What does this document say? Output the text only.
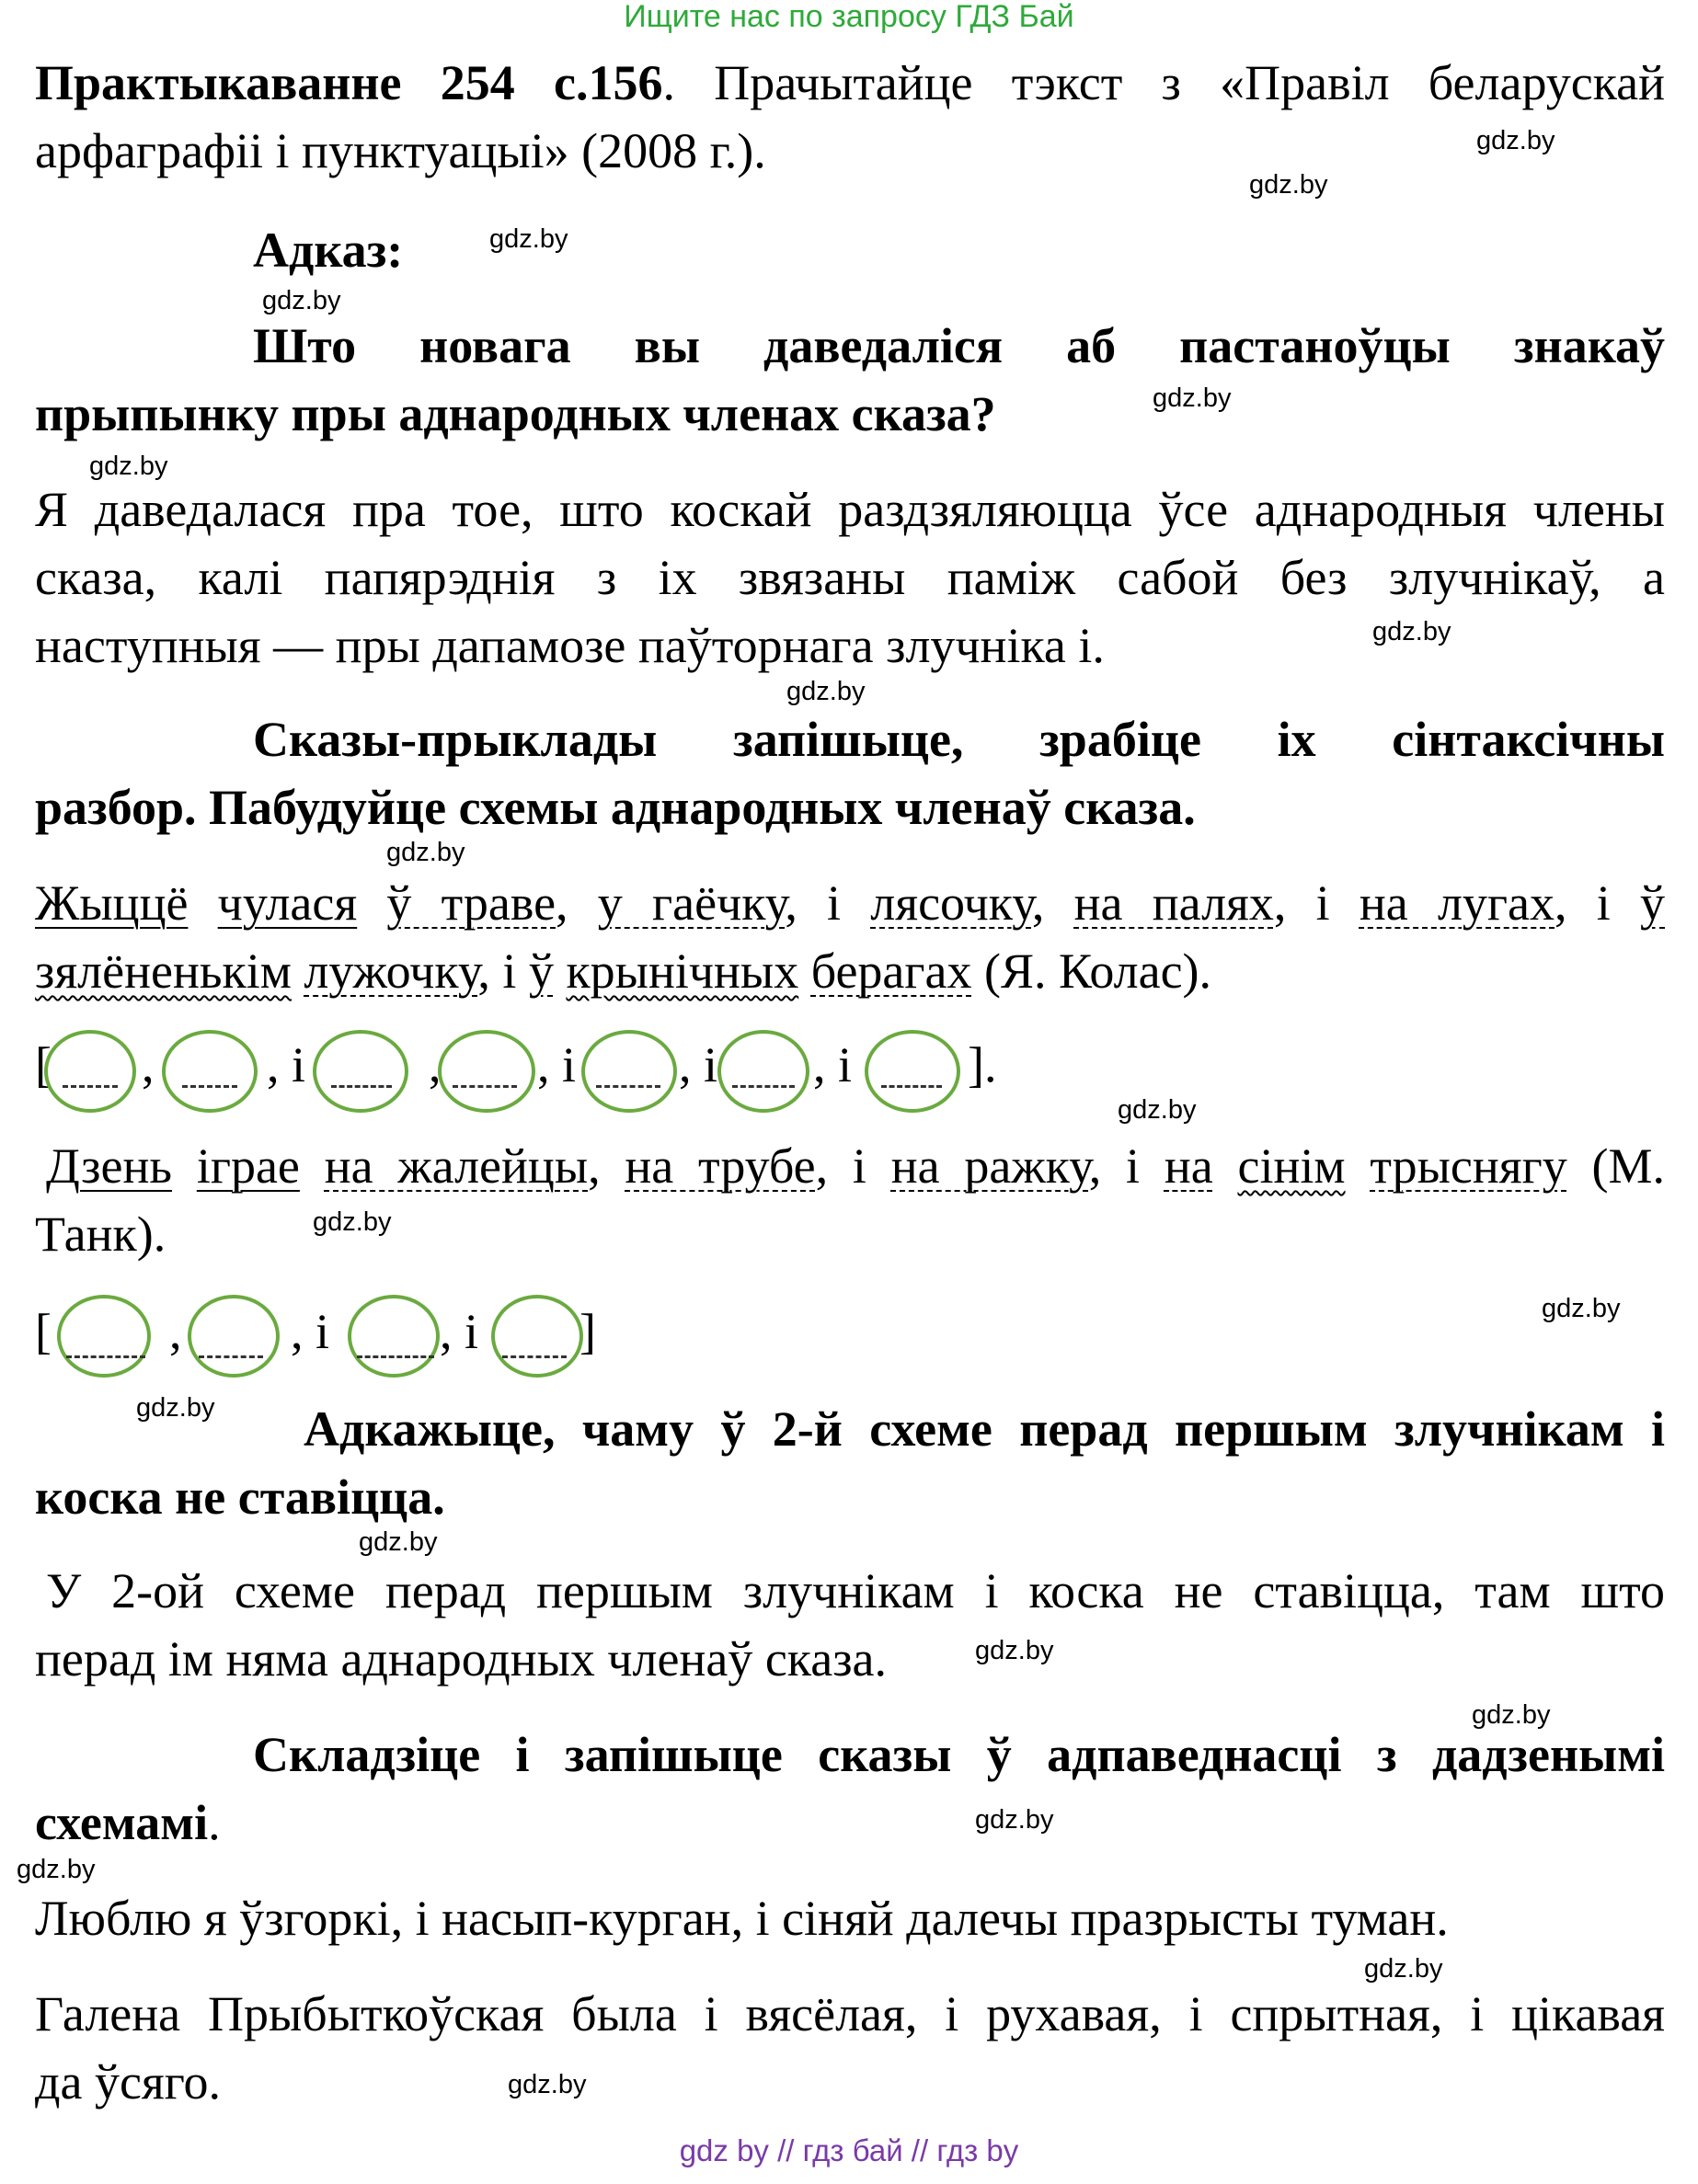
Ищите нас по запросу ГДЗ Бай
Практыкаванне 254 с.156. Прачытайце тэкст з «Правіл беларускай
арфаграфіі і пунктуацыі» (2008 г.).	gdz.by
gdz.by
gdz.by
gdz.by
gdz.by
gdz.by
gdz.by
gdz.by
gdz.by
gdz.by
gdz.by
gdz.by
gdz.by
gdz.by
gdz.by
gdz.by
gdz.by
gdz.by
gdz.by
gdz.by
Адказ:
Што новага вы даведаліся аб пастаноўцы знакаў
прыпынку пры аднародных членах сказа?
Я даведалася пра тое, што коскай раздзяляюцца ўсе аднародныя члены
сказа, калі папярэднія з іх звязаны паміж сабой без злучнікаў, а
наступныя — пры дапамозе паўторнага злучніка і.
Сказы-прыклады запішыце, зрабіце іх сінтаксічны
разбор. Пабудуйце схемы аднародных членаў сказа.
Жыццё чулася ў траве, у гаёчку, і лясочку, на палях, і на лугах, і ў
зялёненькім лужочку, і ў крынічных берагах (Я. Колас).
[ , , і , , і , і , і ].
Дзень іграе на жалейцы, на трубе, і на ражку, і на сінім трыснягу (М.
Танк).
[ , , і , і ]
Адкажыце, чаму ў 2-й схеме перад першым злучнікам і
коска не ставіцца.
У 2-ой схеме перад першым злучнікам і коска не ставіцца, там што
перад ім няма аднародных членаў сказа.
Складзіце і запішыце сказы ў адпаведнасці з дадзенымі
схемамі.
Люблю я ўзгоркі, і насып-курган, і сіняй далечы празрысты туман.
Галена Прыбыткоўская была і вясёлая, і рухавая, і спрытная, і цікавая
да ўсяго.
gdz by // гдз бай // гдз by
